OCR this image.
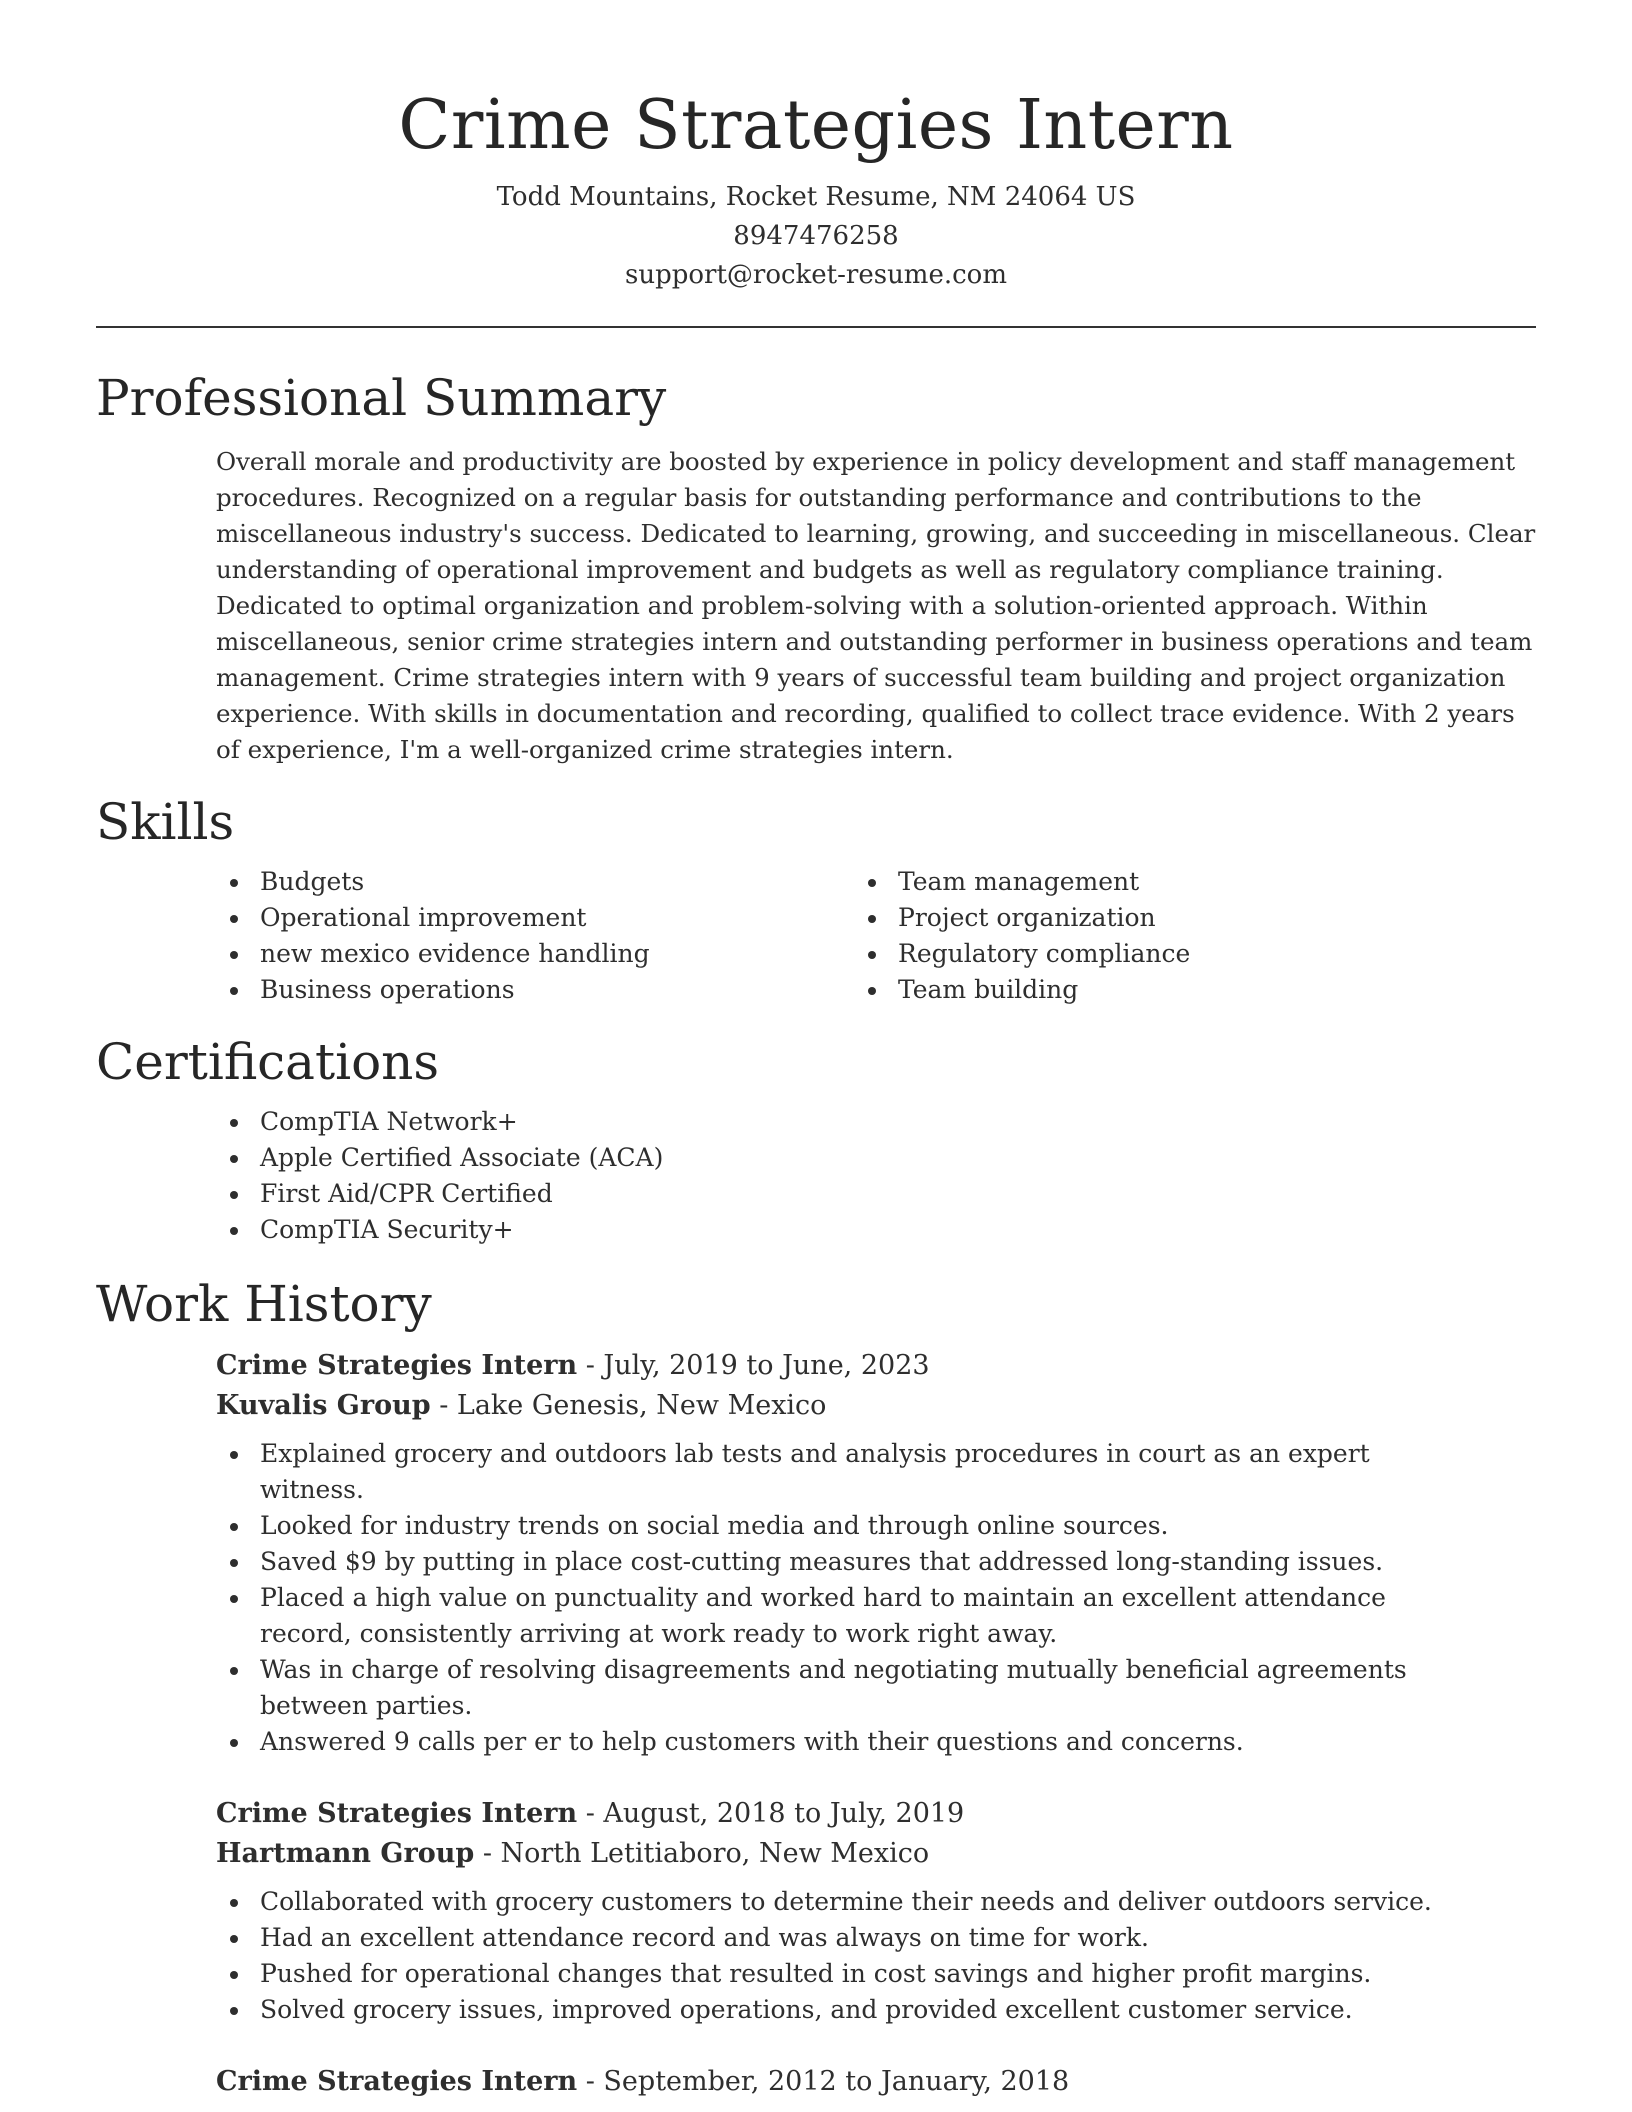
Crime Strategies Intern
Todd Mountains, Rocket Resume, NM 24064 US
8947476258
support@rocket-resume.com
Professional Summary

Overall morale and productivity are boosted by experience in policy development and staff management procedures. Recognized on a regular basis for outstanding performance and contributions to the miscellaneous industry's success. Dedicated to learning, growing, and succeeding in miscellaneous. Clear understanding of operational improvement and budgets as well as regulatory compliance training. Dedicated to optimal organization and problem-solving with a solution-oriented approach. Within miscellaneous, senior crime strategies intern and outstanding performer in business operations and team management. Crime strategies intern with 9 years of successful team building and project organization experience. With skills in documentation and recording, qualified to collect trace evidence. With 2 years of experience, I'm a well-organized crime strategies intern.

Skills
Budgets
Operational improvement
new mexico evidence handling
Business operations
Team management
Project organization
Regulatory compliance
Team building
Certifications
CompTIA Network+
Apple Certified Associate (ACA)
First Aid/CPR Certified
CompTIA Security+
Work History
Crime Strategies Intern - July, 2019 to June, 2023
Kuvalis Group - Lake Genesis, New Mexico
Explained grocery and outdoors lab tests and analysis procedures in court as an expert witness.
Looked for industry trends on social media and through online sources.
Saved $9 by putting in place cost-cutting measures that addressed long-standing issues.
Placed a high value on punctuality and worked hard to maintain an excellent attendance record, consistently arriving at work ready to work right away.
Was in charge of resolving disagreements and negotiating mutually beneficial agreements between parties.
Answered 9 calls per er to help customers with their questions and concerns.
Crime Strategies Intern - August, 2018 to July, 2019
Hartmann Group - North Letitiaboro, New Mexico
Collaborated with grocery customers to determine their needs and deliver outdoors service.
Had an excellent attendance record and was always on time for work.
Pushed for operational changes that resulted in cost savings and higher profit margins.
Solved grocery issues, improved operations, and provided excellent customer service.
Crime Strategies Intern - September, 2012 to January, 2018
